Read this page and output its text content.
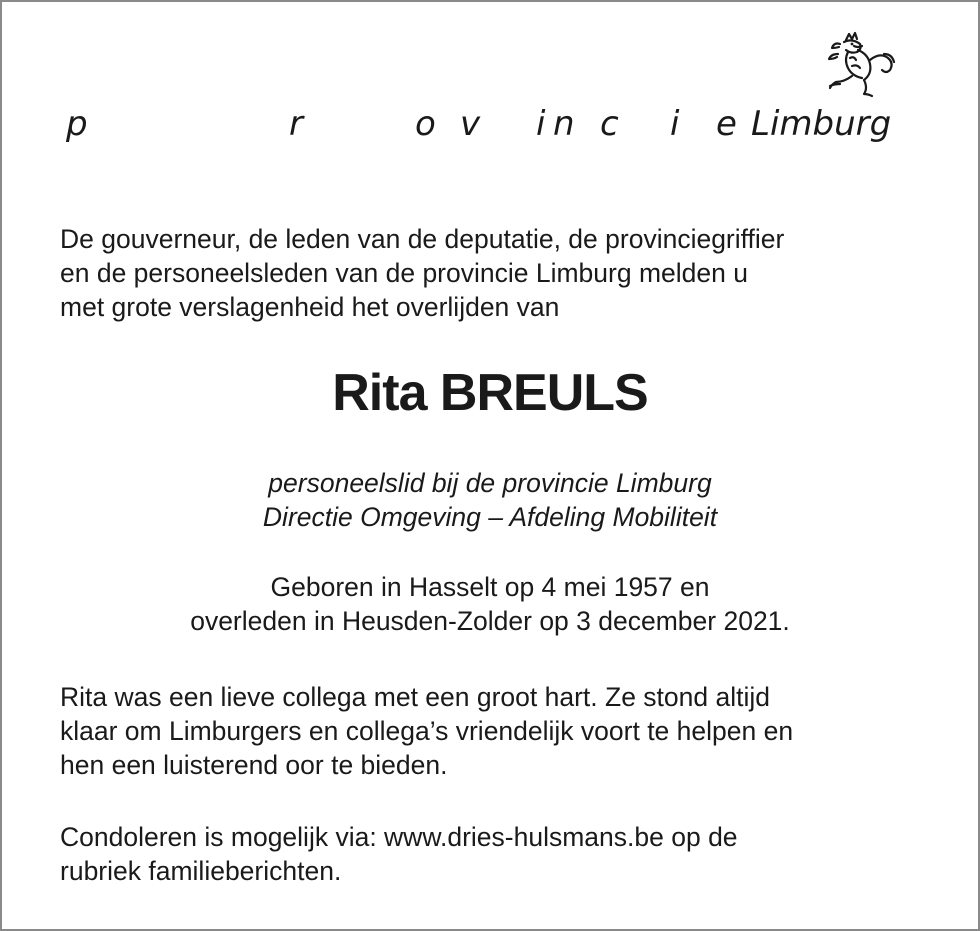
p	r	o v i n c i e Limburg

De gouverneur, de leden van de deputatie, de provinciegriffier
en de personeelsleden van de provincie Limburg melden u
met grote verslagenheid het overlijden van

Rita BREULS
personeelslid bij de provincie Limburg
Directie Omgeving – Afdeling Mobiliteit
Geboren in Hasselt op 4 mei 1957 en
overleden in Heusden-Zolder op 3 december 2021.

Rita was een lieve collega met een groot hart. Ze stond altijd
klaar om Limburgers en collega’s vriendelijk voort te helpen en
hen een luisterend oor te bieden.

Condoleren is mogelijk via: www.dries-hulsmans.be op de
rubriek familieberichten.
